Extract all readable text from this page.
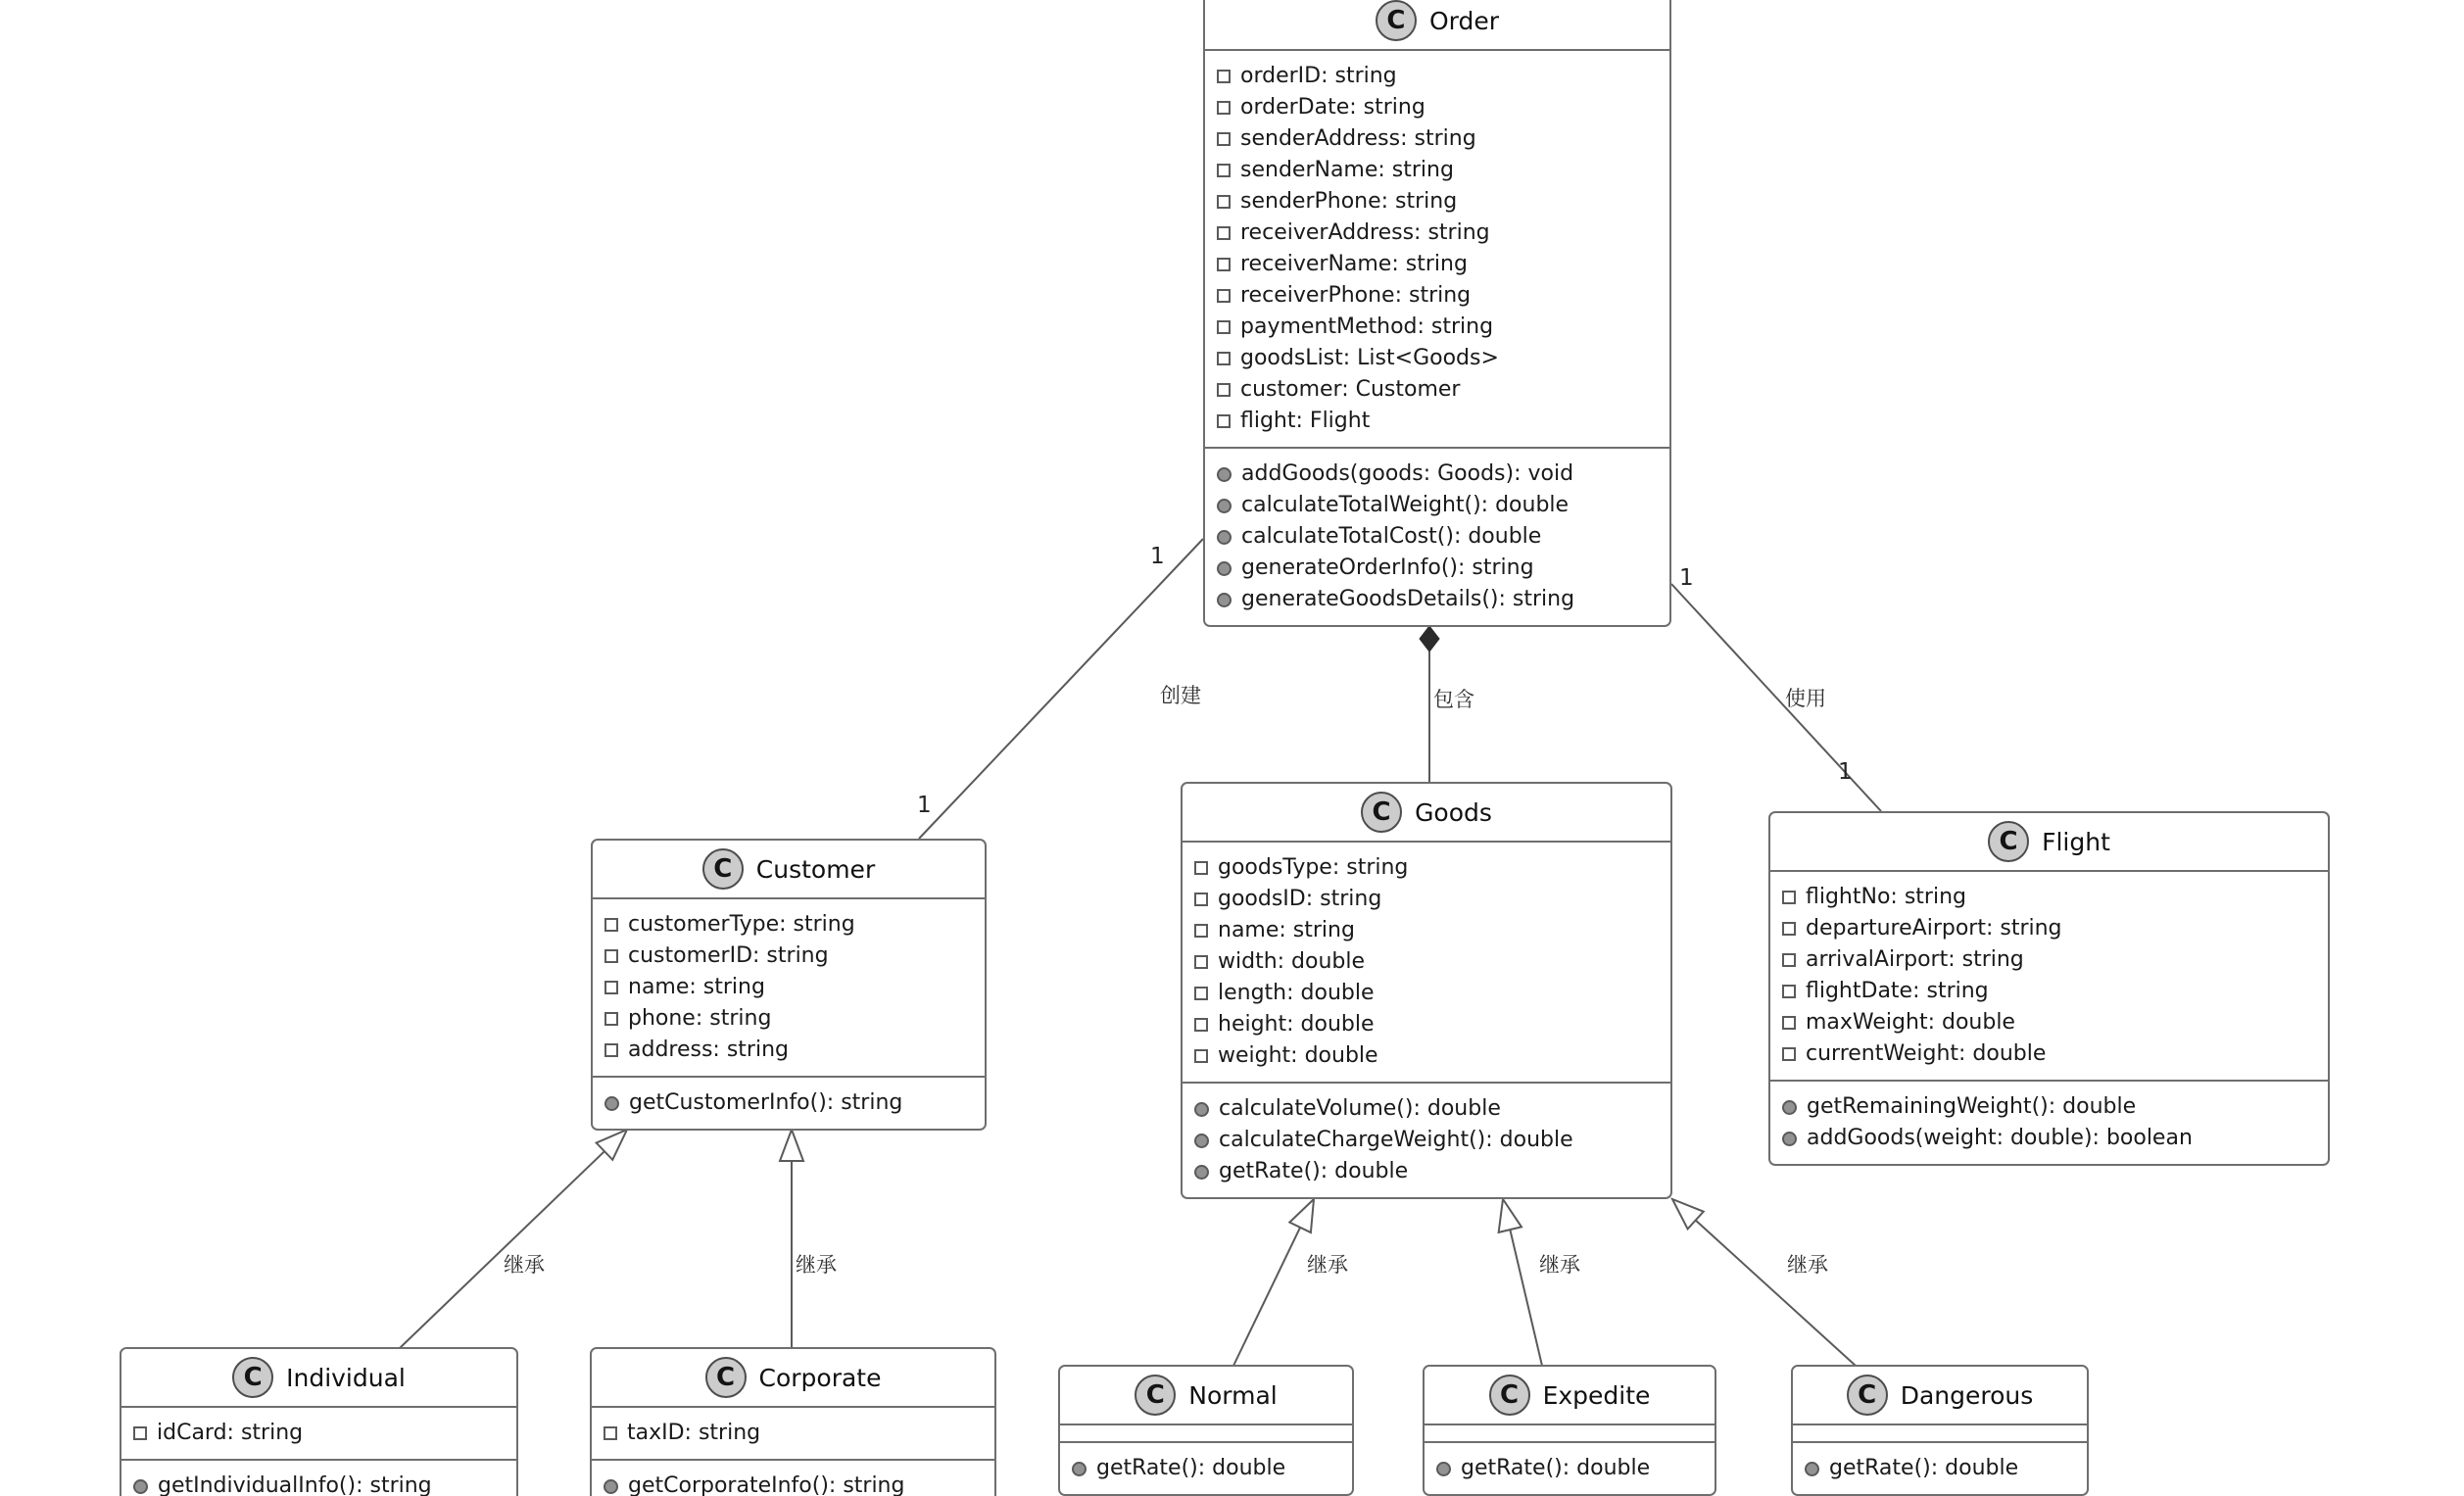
C Order
orderID: string
orderDate: string
senderAddress: string
senderName: string
senderPhone: string
receiverAddress: string
receiverName: string
receiverPhone: string
paymentMethod: string
goodsList: List<Goods>
customer: Customer
flight: Flight
addGoods(goods: Goods): void
calculateTotalWeight(): double
calculateTotalCost(): double
generateOrderInfo(): string
generateGoodsDetails(): string
C Customer
customerType: string
customerID: string
name: string
phone: string
address: string
getCustomerInfo(): string
C Goods
goodsType: string
goodsID: string
name: string
width: double
length: double
height: double
weight: double
calculateVolume(): double
calculateChargeWeight(): double
getRate(): double
C Flight
flightNo: string
departureAirport: string
arrivalAirport: string
flightDate: string
maxWeight: double
currentWeight: double
getRemainingWeight(): double
addGoods(weight: double): boolean
C Individual
idCard: string
getIndividualInfo(): string
C Corporate
taxID: string
getCorporateInfo(): string
C Normal
getRate(): double
C Expedite
getRate(): double
C Dangerous
getRate(): double
创建	包含	使用
继承	继承	继承	继承	继承
1
1
1
1
